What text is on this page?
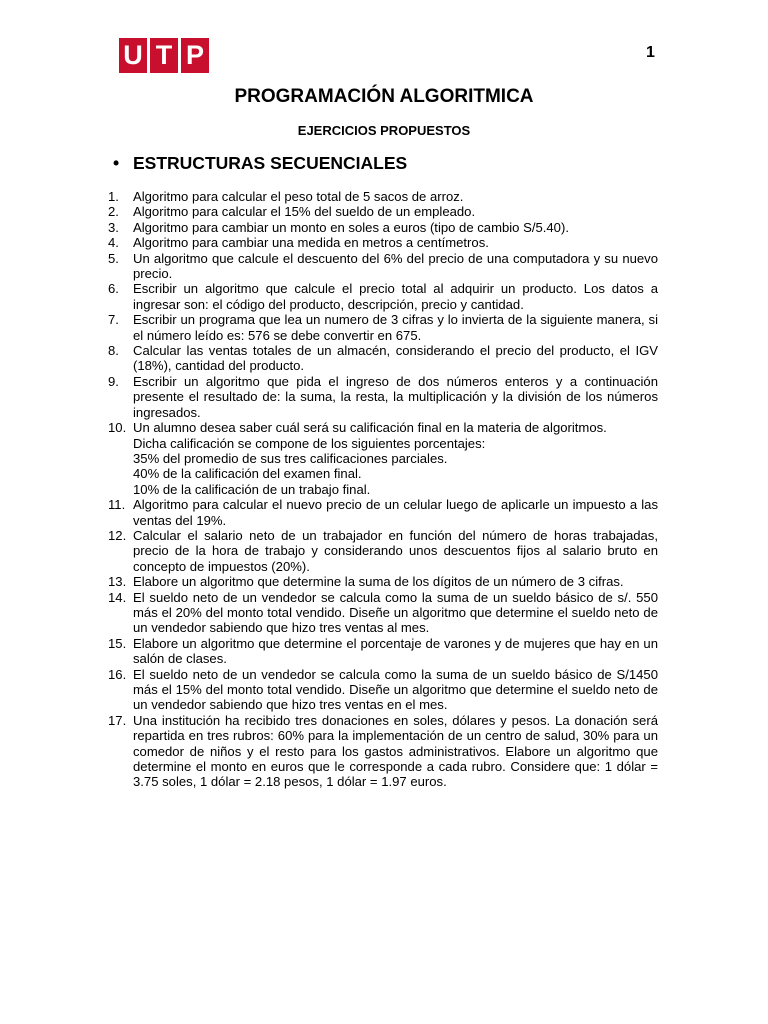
U T P	1
PROGRAMACIÓN ALGORITMICA
EJERCICIOS PROPUESTOS
• ESTRUCTURAS SECUENCIALES
1.	Algoritmo para calcular el peso total de 5 sacos de arroz.
2.	Algoritmo para calcular el 15% del sueldo de un empleado.
3.	Algoritmo para cambiar un monto en soles a euros (tipo de cambio S/5.40).
4.	Algoritmo para cambiar una medida en metros a centímetros.
5.	Un algoritmo que calcule el descuento del 6% del precio de una computadora y su nuevo precio.
6.	Escribir un algoritmo que calcule el precio total al adquirir un producto. Los datos a ingresar son: el código del producto, descripción, precio y cantidad.
7.	Escribir un programa que lea un numero de 3 cifras y lo invierta de la siguiente manera, si el número leído es: 576 se debe convertir en 675.
8.	Calcular las ventas totales de un almacén, considerando el precio del producto, el IGV (18%), cantidad del producto.
9.	Escribir un algoritmo que pida el ingreso de dos números enteros y a continuación presente el resultado de: la suma, la resta, la multiplicación y la división de los números ingresados.
10. Un alumno desea saber cuál será su calificación final en la materia de algoritmos.
Dicha calificación se compone de los siguientes porcentajes:
35% del promedio de sus tres calificaciones parciales.
40% de la calificación del examen final.
10% de la calificación de un trabajo final.
11. Algoritmo para calcular el nuevo precio de un celular luego de aplicarle un impuesto a las ventas del 19%.
12. Calcular el salario neto de un trabajador en función del número de horas trabajadas, precio de la hora de trabajo y considerando unos descuentos fijos al salario bruto en concepto de impuestos (20%).
13. Elabore un algoritmo que determine la suma de los dígitos de un número de 3 cifras.
14. El sueldo neto de un vendedor se calcula como la suma de un sueldo básico de s/. 550 más el 20% del monto total vendido. Diseñe un algoritmo que determine el sueldo neto de un vendedor sabiendo que hizo tres ventas al mes.
15. Elabore un algoritmo que determine el porcentaje de varones y de mujeres que hay en un salón de clases.
16. El sueldo neto de un vendedor se calcula como la suma de un sueldo básico de S/1450 más el 15% del monto total vendido. Diseñe un algoritmo que determine el sueldo neto de un vendedor sabiendo que hizo tres ventas en el mes.
17. Una institución ha recibido tres donaciones en soles, dólares y pesos. La donación será repartida en tres rubros: 60% para la implementación de un centro de salud, 30% para un comedor de niños y el resto para los gastos administrativos. Elabore un algoritmo que determine el monto en euros que le corresponde a cada rubro. Considere que: 1 dólar = 3.75 soles, 1 dólar = 2.18 pesos, 1 dólar = 1.97 euros.
